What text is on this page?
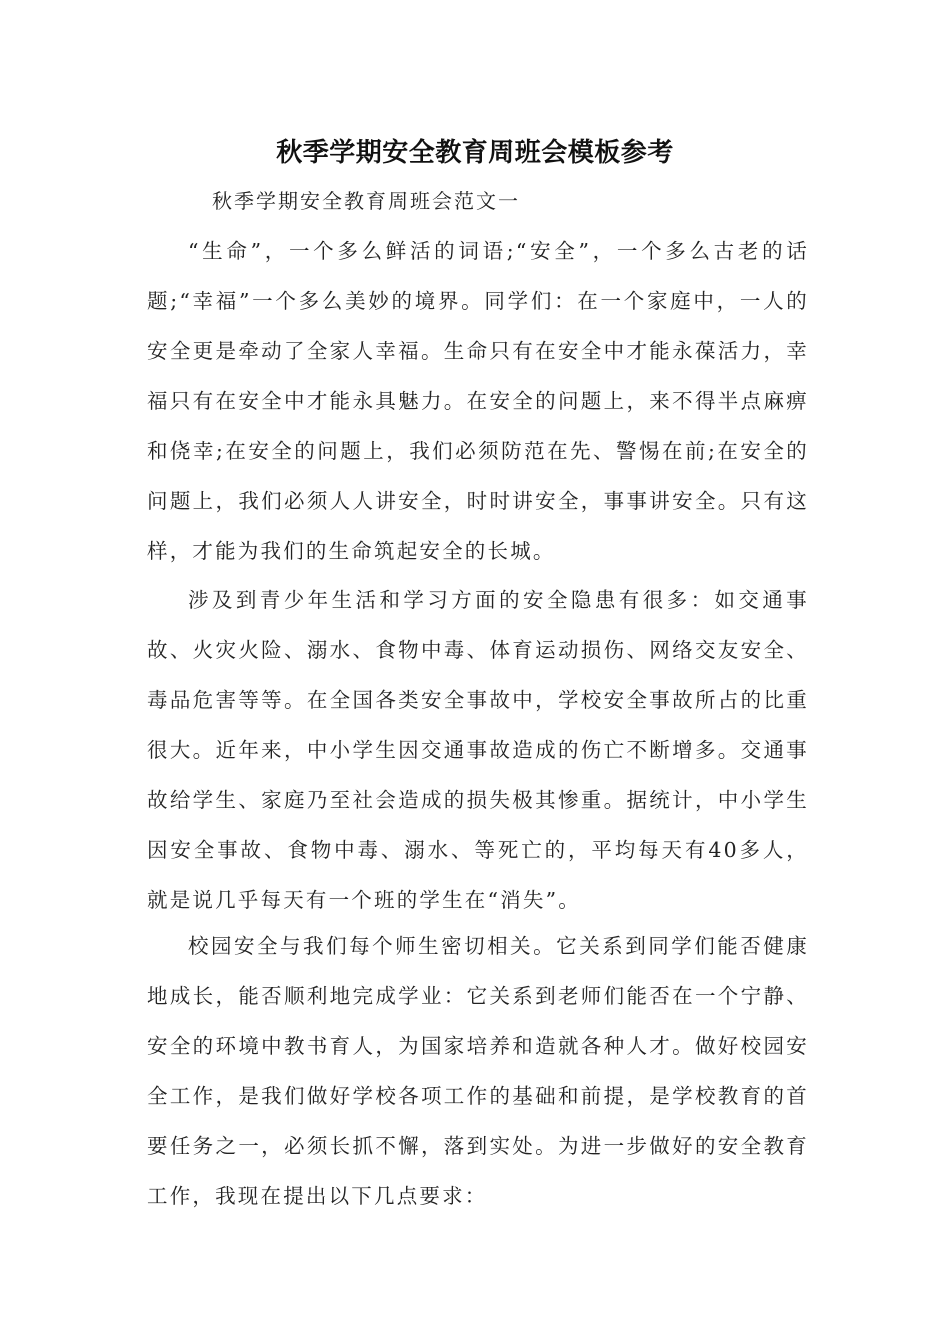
秋季学期安全教育周班会模板参考

秋季学期安全教育周班会范文一

“生命”，一个多么鲜活的词语;“安全”，一个多么古老的话题;“幸福”一个多么美妙的境界。同学们：在一个家庭中，一人的安全更是牵动了全家人幸福。生命只有在安全中才能永葆活力，幸福只有在安全中才能永具魅力。在安全的问题上，来不得半点麻痹和侥幸;在安全的问题上，我们必须防范在先、警惕在前;在安全的问题上，我们必须人人讲安全，时时讲安全，事事讲安全。只有这样，才能为我们的生命筑起安全的长城。

涉及到青少年生活和学习方面的安全隐患有很多：如交通事故、火灾火险、溺水、食物中毒、体育运动损伤、网络交友安全、毒品危害等等。在全国各类安全事故中，学校安全事故所占的比重很大。近年来，中小学生因交通事故造成的伤亡不断增多。交通事故给学生、家庭乃至社会造成的损失极其惨重。据统计，中小学生因安全事故、食物中毒、溺水、等死亡的，平均每天有40多人，就是说几乎每天有一个班的学生在“消失”。

校园安全与我们每个师生密切相关。它关系到同学们能否健康地成长，能否顺利地完成学业：它关系到老师们能否在一个宁静、安全的环境中教书育人，为国家培养和造就各种人才。做好校园安全工作，是我们做好学校各项工作的基础和前提，是学校教育的首要任务之一，必须长抓不懈，落到实处。为进一步做好的安全教育工作，我现在提出以下几点要求：
